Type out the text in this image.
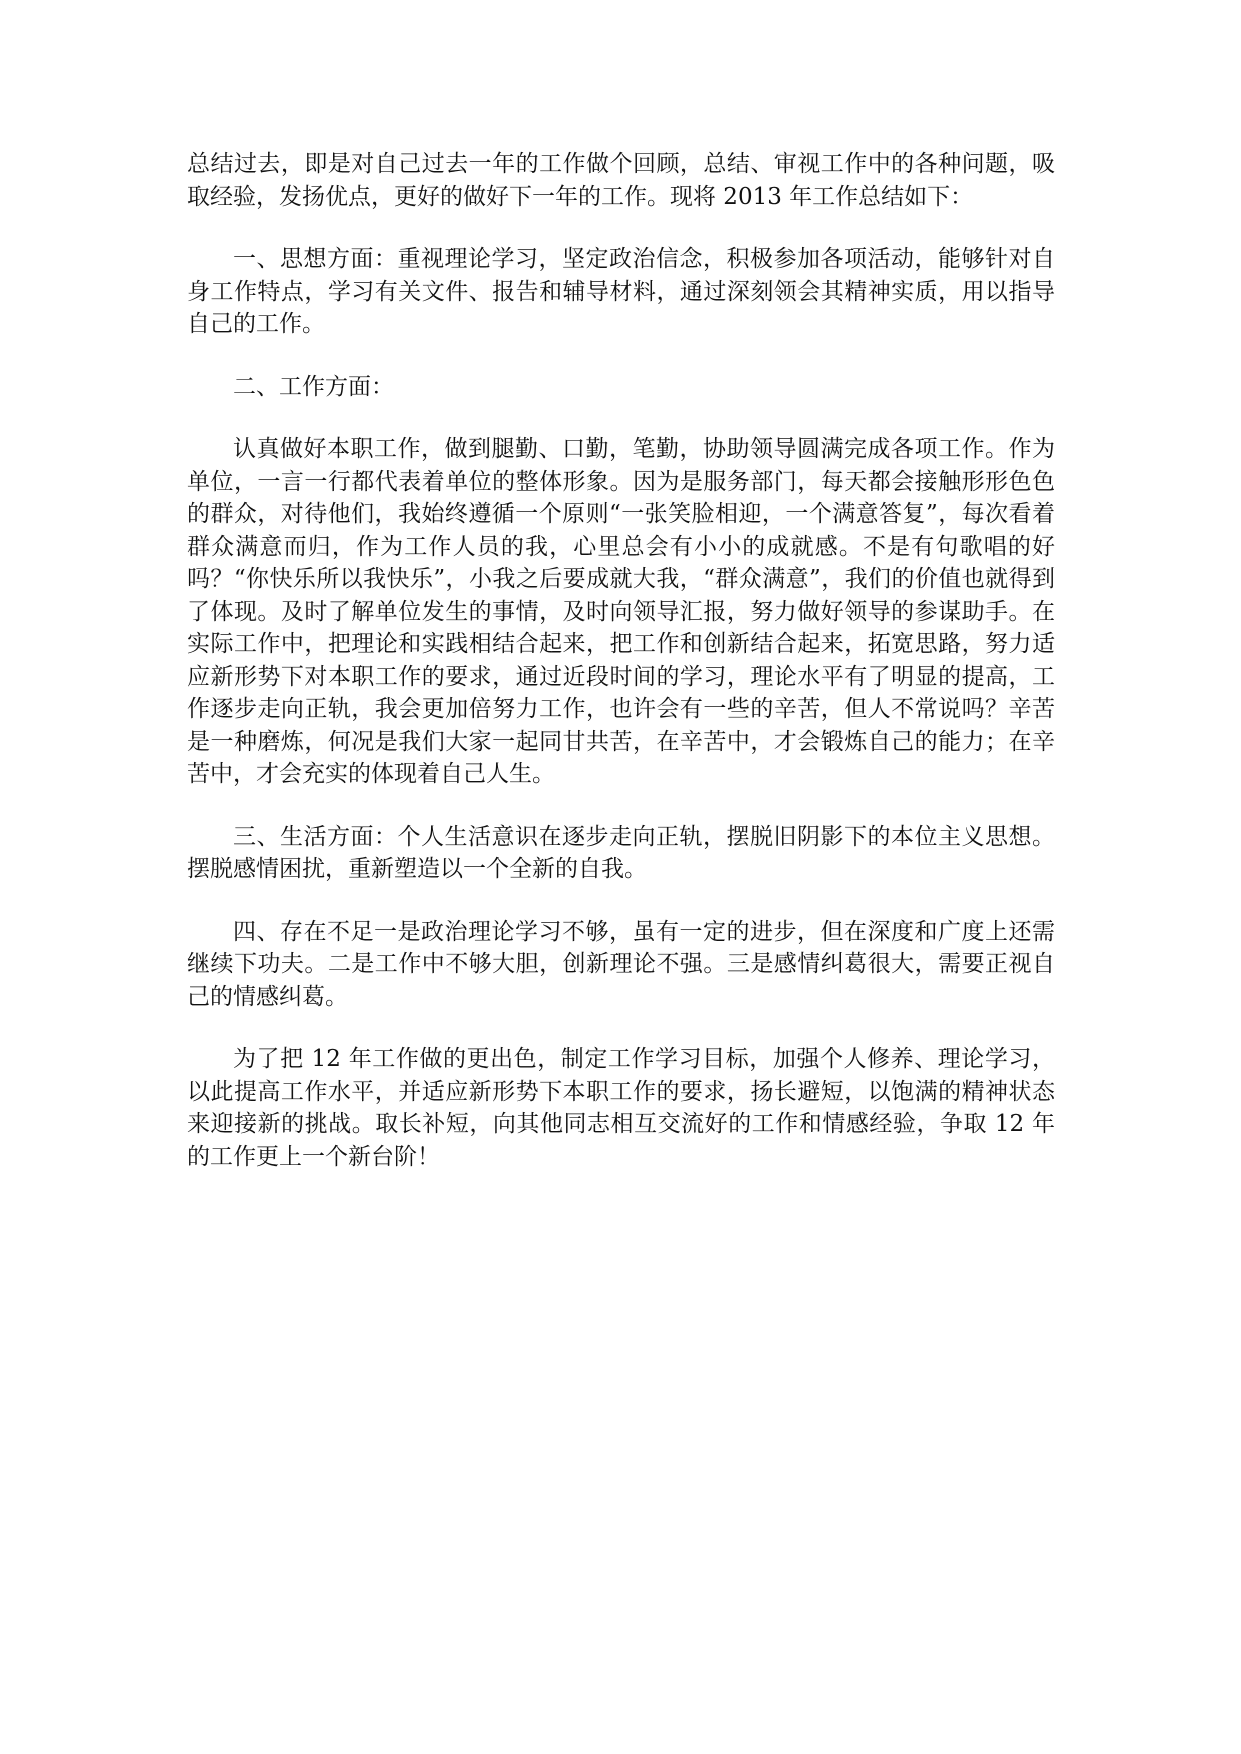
总结过去，即是对自己过去一年的工作做个回顾，总结、审视工作中的各种问题，吸取经验，发扬优点，更好的做好下一年的工作。现将 2013 年工作总结如下：

一、思想方面：重视理论学习，坚定政治信念，积极参加各项活动，能够针对自身工作特点，学习有关文件、报告和辅导材料，通过深刻领会其精神实质，用以指导自己的工作。

二、工作方面：

认真做好本职工作，做到腿勤、口勤，笔勤，协助领导圆满完成各项工作。作为单位，一言一行都代表着单位的整体形象。因为是服务部门，每天都会接触形形色色的群众，对待他们，我始终遵循一个原则“一张笑脸相迎，一个满意答复”，每次看着群众满意而归，作为工作人员的我，心里总会有小小的成就感。不是有句歌唱的好吗？“你快乐所以我快乐”，小我之后要成就大我，“群众满意”，我们的价值也就得到了体现。及时了解单位发生的事情，及时向领导汇报，努力做好领导的参谋助手。在实际工作中，把理论和实践相结合起来，把工作和创新结合起来，拓宽思路，努力适应新形势下对本职工作的要求，通过近段时间的学习，理论水平有了明显的提高，工作逐步走向正轨，我会更加倍努力工作，也许会有一些的辛苦，但人不常说吗？辛苦是一种磨炼，何况是我们大家一起同甘共苦，在辛苦中，才会锻炼自己的能力；在辛苦中，才会充实的体现着自己人生。

三、生活方面：个人生活意识在逐步走向正轨，摆脱旧阴影下的本位主义思想。摆脱感情困扰，重新塑造以一个全新的自我。

四、存在不足一是政治理论学习不够，虽有一定的进步，但在深度和广度上还需继续下功夫。二是工作中不够大胆，创新理论不强。三是感情纠葛很大，需要正视自己的情感纠葛。

为了把 12 年工作做的更出色，制定工作学习目标，加强个人修养、理论学习，以此提高工作水平，并适应新形势下本职工作的要求，扬长避短，以饱满的精神状态来迎接新的挑战。取长补短，向其他同志相互交流好的工作和情感经验，争取 12 年的工作更上一个新台阶！
